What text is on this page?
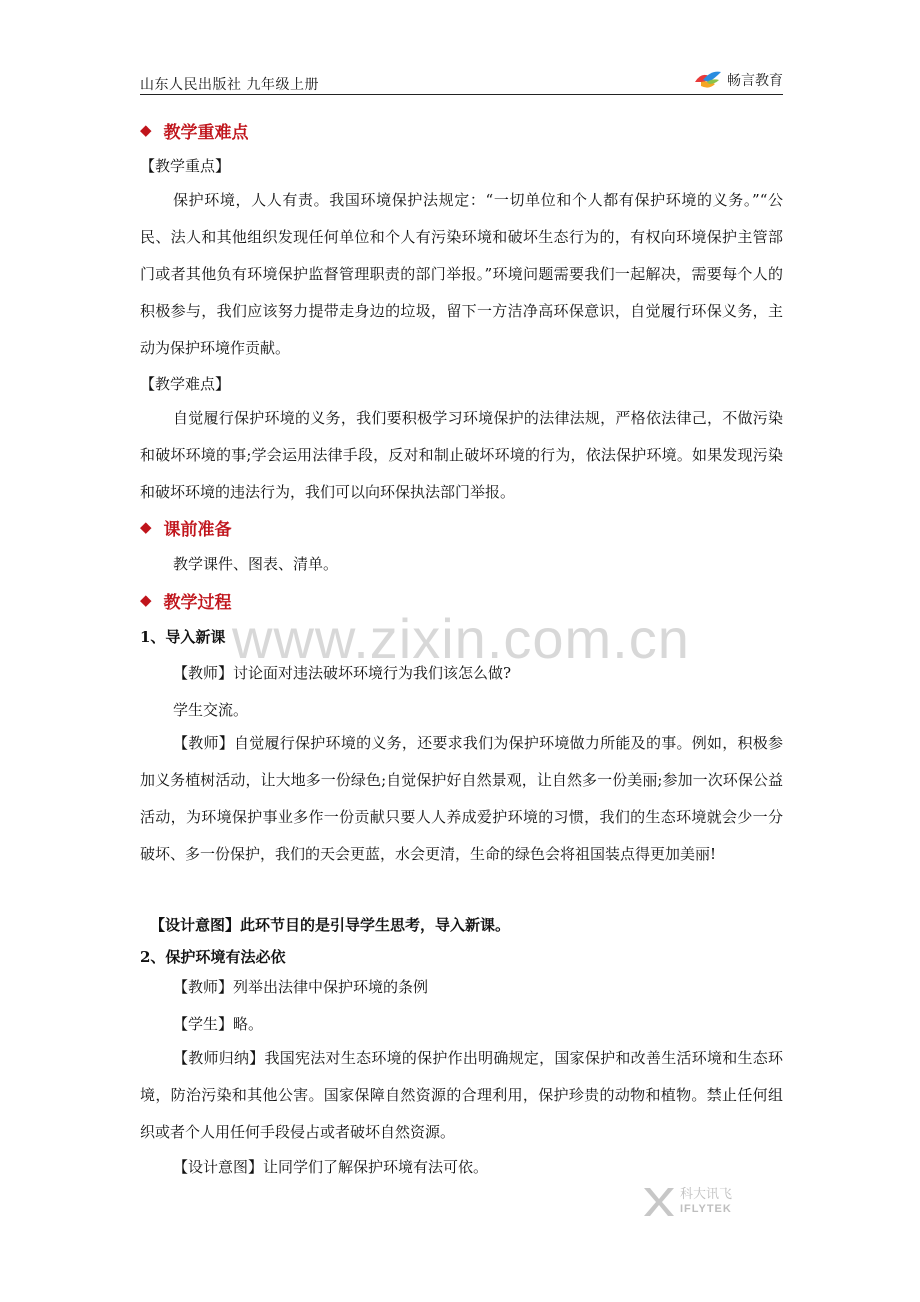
山东人民出版社 九年级上册	畅言教育
www.zixin.com.cn
◆ 教学重难点
【教学重点】
保护环境，人人有责。我国环境保护法规定：“一切单位和个人都有保护环境的义务。”“公民、法人和其他组织发现任何单位和个人有污染环境和破坏生态行为的，有权向环境保护主管部门或者其他负有环境保护监督管理职责的部门举报。”环境问题需要我们一起解决，需要每个人的积极参与，我们应该努力提带走身边的垃圾，留下一方洁净高环保意识，自觉履行环保义务，主动为保护环境作贡献。
【教学难点】
自觉履行保护环境的义务，我们要积极学习环境保护的法律法规，严格依法律己，不做污染和破坏环境的事;学会运用法律手段，反对和制止破坏环境的行为，依法保护环境。如果发现污染和破坏环境的违法行为，我们可以向环保执法部门举报。
◆ 课前准备
教学课件、图表、清单。
◆ 教学过程
1、导入新课
【教师】讨论面对违法破坏环境行为我们该怎么做?
学生交流。
【教师】自觉履行保护环境的义务，还要求我们为保护环境做力所能及的事。例如，积极参加义务植树活动，让大地多一份绿色;自觉保护好自然景观，让自然多一份美丽;参加一次环保公益活动，为环境保护事业多作一份贡献只要人人养成爱护环境的习惯，我们的生态环境就会少一分破坏、多一份保护，我们的天会更蓝，水会更清，生命的绿色会将祖国装点得更加美丽!
【设计意图】此环节目的是引导学生思考，导入新课。
2、保护环境有法必依
【教师】列举出法律中保护环境的条例
【学生】略。
【教师归纳】我国宪法对生态环境的保护作出明确规定，国家保护和改善生活环境和生态环境，防治污染和其他公害。国家保障自然资源的合理利用，保护珍贵的动物和植物。禁止任何组织或者个人用任何手段侵占或者破坏自然资源。
【设计意图】让同学们了解保护环境有法可依。
科大讯飞
IFLYTEK
